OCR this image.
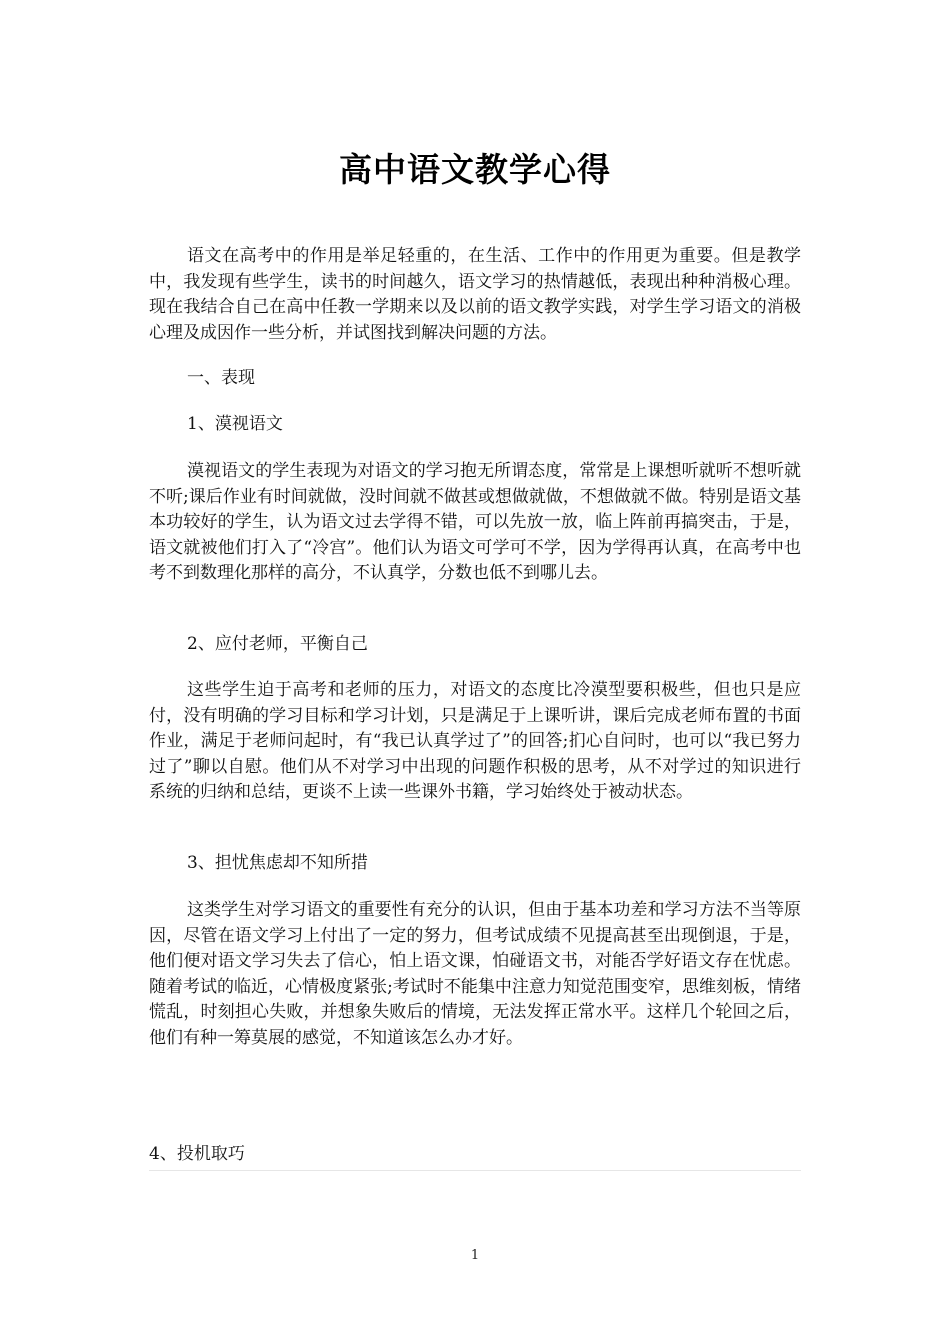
高中语文教学心得

语文在高考中的作用是举足轻重的，在生活、工作中的作用更为重要。但是教学中，我发现有些学生，读书的时间越久，语文学习的热情越低，表现出种种消极心理。现在我结合自己在高中任教一学期来以及以前的语文教学实践，对学生学习语文的消极心理及成因作一些分析，并试图找到解决问题的方法。

一、表现

1、漠视语文

漠视语文的学生表现为对语文的学习抱无所谓态度，常常是上课想听就听不想听就不听;课后作业有时间就做，没时间就不做甚或想做就做，不想做就不做。特别是语文基本功较好的学生，认为语文过去学得不错，可以先放一放，临上阵前再搞突击，于是，语文就被他们打入了“冷宫”。他们认为语文可学可不学，因为学得再认真，在高考中也考不到数理化那样的高分，不认真学，分数也低不到哪儿去。

2、应付老师，平衡自己

这些学生迫于高考和老师的压力，对语文的态度比冷漠型要积极些，但也只是应付，没有明确的学习目标和学习计划，只是满足于上课听讲，课后完成老师布置的书面作业，满足于老师问起时，有“我已认真学过了”的回答;扪心自问时，也可以“我已努力过了”聊以自慰。他们从不对学习中出现的问题作积极的思考，从不对学过的知识进行系统的归纳和总结，更谈不上读一些课外书籍，学习始终处于被动状态。

3、担忧焦虑却不知所措

这类学生对学习语文的重要性有充分的认识，但由于基本功差和学习方法不当等原因，尽管在语文学习上付出了一定的努力，但考试成绩不见提高甚至出现倒退，于是，他们便对语文学习失去了信心，怕上语文课，怕碰语文书，对能否学好语文存在忧虑。随着考试的临近，心情极度紧张;考试时不能集中注意力知觉范围变窄，思维刻板，情绪慌乱，时刻担心失败，并想象失败后的情境，无法发挥正常水平。这样几个轮回之后，他们有种一筹莫展的感觉，不知道该怎么办才好。

4、投机取巧

1
